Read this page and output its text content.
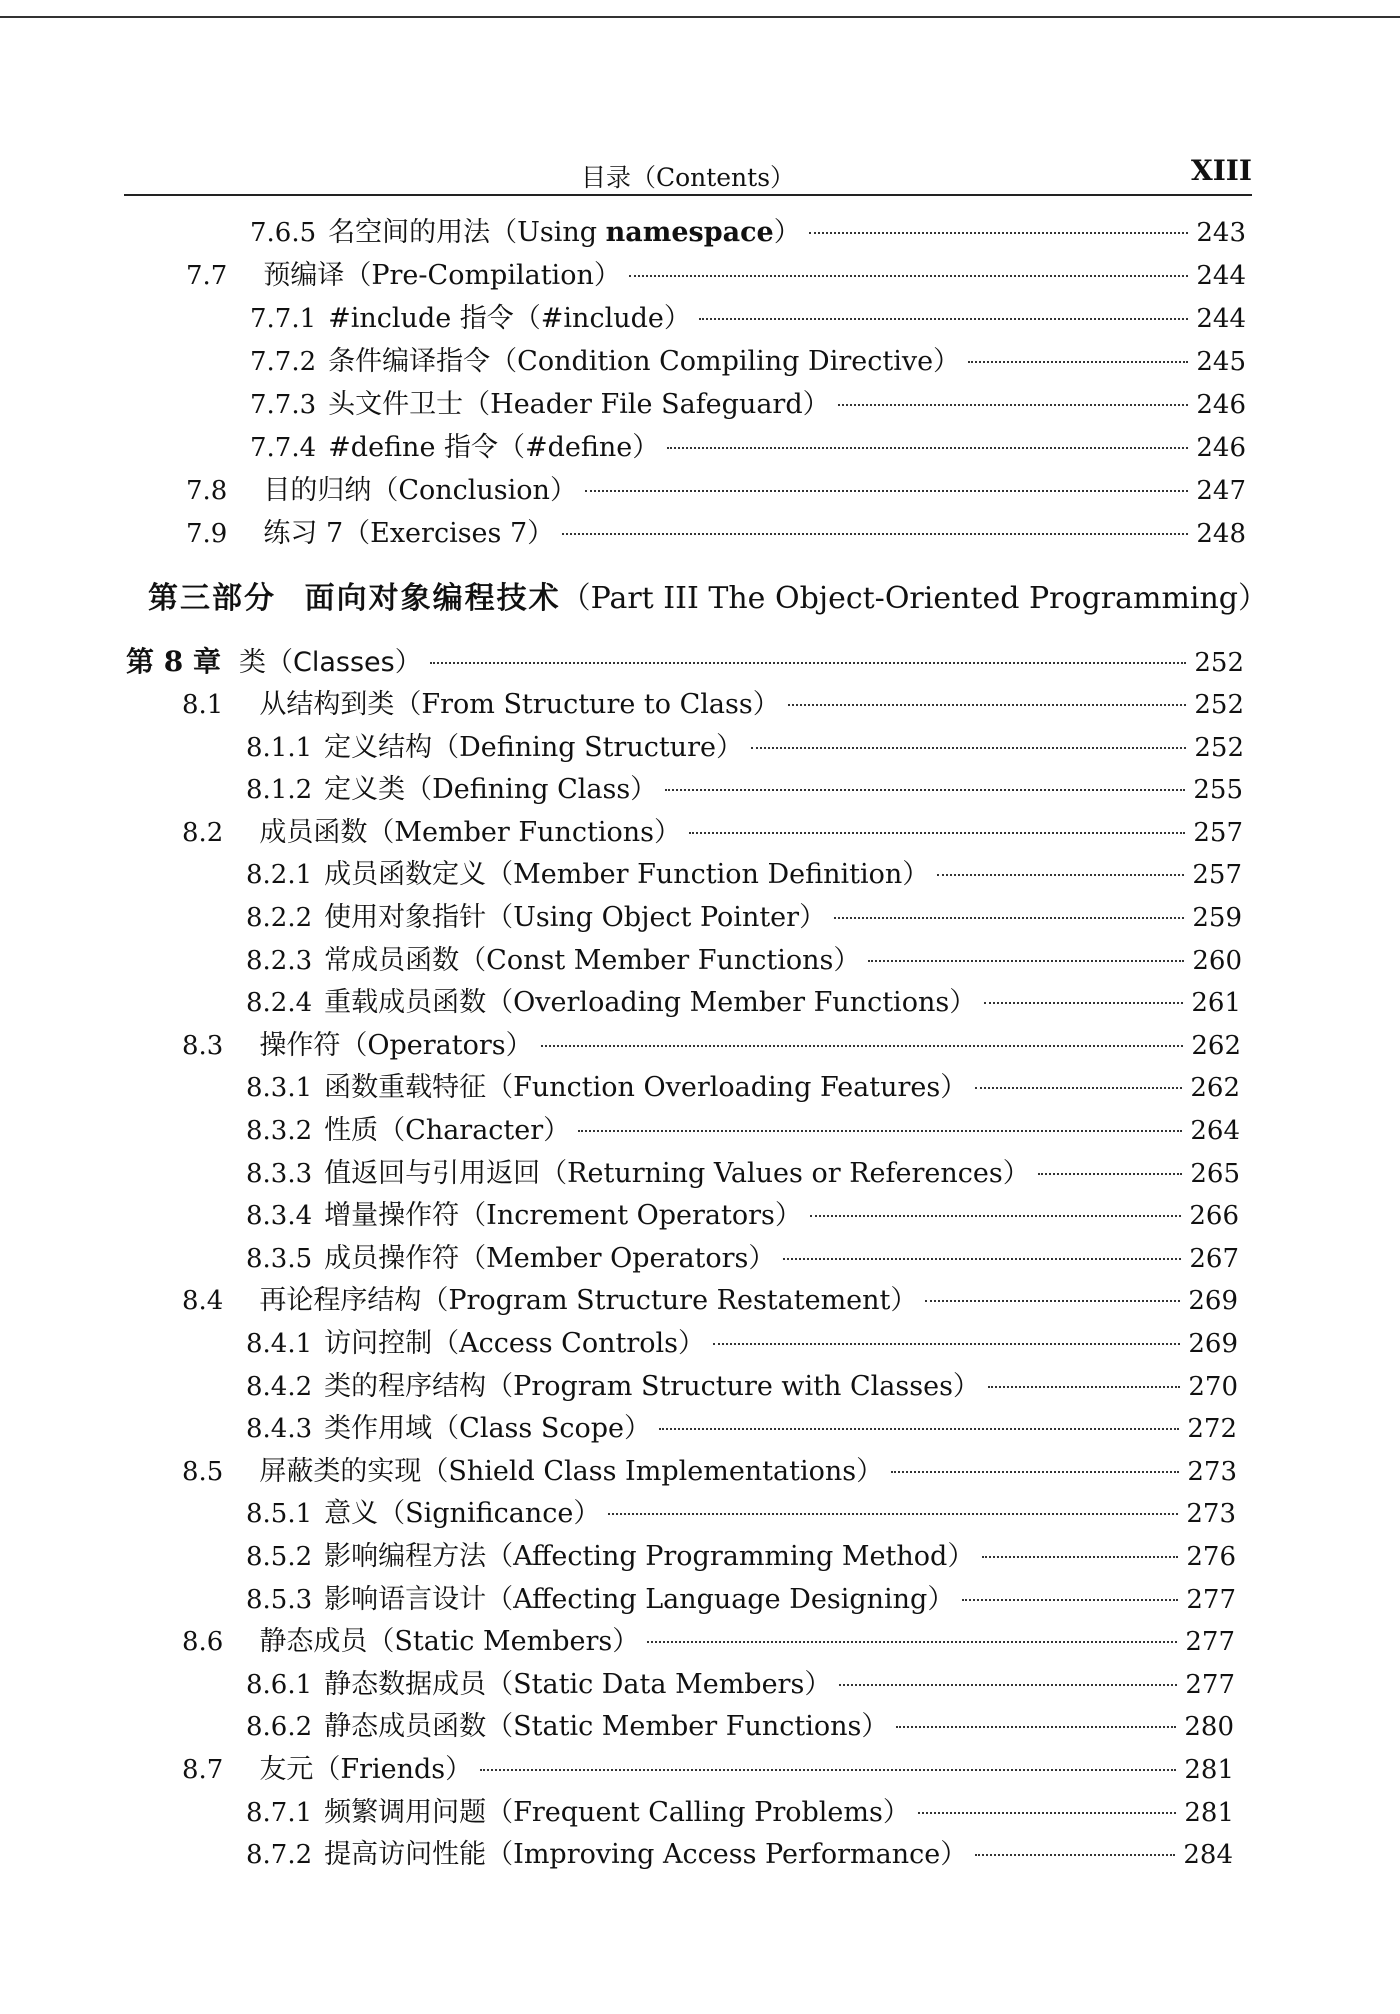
目录（Contents）	XIII
7.6.5 名空间的用法（Using namespace）	243
7.7	预编译（Pre-Compilation）	244
7.7.1 #include 指令（#include）	244
7.7.2 条件编译指令（Condition Compiling Directive）	245
7.7.3 头文件卫士（Header File Safeguard）	246
7.7.4 #define 指令（#define）	246
7.8	目的归纳（Conclusion）	247
7.9	练习 7（Exercises 7）	248
第三部分 面向对象编程技术（Part III The Object-Oriented Programming）
第 8 章 类（Classes）	252
8.1	从结构到类（From Structure to Class）	252
8.1.1 定义结构（Defining Structure）	252
8.1.2 定义类（Defining Class）	255
8.2	成员函数（Member Functions）	257
8.2.1 成员函数定义（Member Function Definition）	257
8.2.2 使用对象指针（Using Object Pointer）	259
8.2.3 常成员函数（Const Member Functions）	260
8.2.4 重载成员函数（Overloading Member Functions）	261
8.3	操作符（Operators）	262
8.3.1 函数重载特征（Function Overloading Features）	262
8.3.2 性质（Character）	264
8.3.3 值返回与引用返回（Returning Values or References）	265
8.3.4 增量操作符（Increment Operators）	266
8.3.5 成员操作符（Member Operators）	267
8.4	再论程序结构（Program Structure Restatement）	269
8.4.1 访问控制（Access Controls）	269
8.4.2 类的程序结构（Program Structure with Classes）	270
8.4.3 类作用域（Class Scope）	272
8.5	屏蔽类的实现（Shield Class Implementations）	273
8.5.1 意义（Significance）	273
8.5.2 影响编程方法（Affecting Programming Method）	276
8.5.3 影响语言设计（Affecting Language Designing）	277
8.6	静态成员（Static Members）	277
8.6.1 静态数据成员（Static Data Members）	277
8.6.2 静态成员函数（Static Member Functions）	280
8.7	友元（Friends）	281
8.7.1 频繁调用问题（Frequent Calling Problems）	281
8.7.2 提高访问性能（Improving Access Performance）	284
